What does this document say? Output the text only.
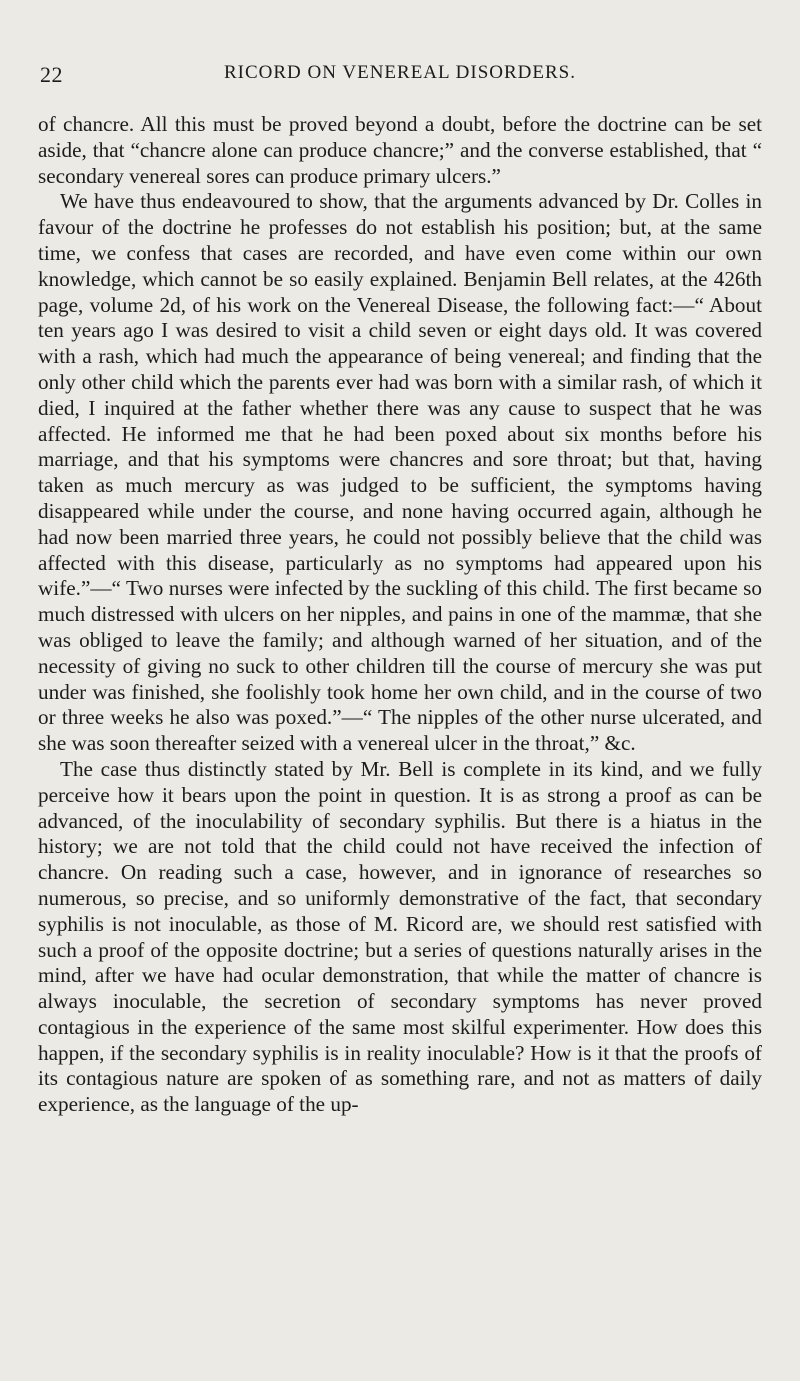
22	RICORD ON VENEREAL DISORDERS.

of chancre. All this must be proved beyond a doubt, before the doctrine can be set aside, that “chancre alone can produce chancre;” and the converse established, that “ secondary venereal sores can produce primary ulcers.”

We have thus endeavoured to show, that the arguments advanced by Dr. Colles in favour of the doctrine he professes do not establish his position; but, at the same time, we confess that cases are recorded, and have even come within our own knowledge, which cannot be so easily explained. Benjamin Bell relates, at the 426th page, volume 2d, of his work on the Venereal Disease, the following fact:—“ About ten years ago I was desired to visit a child seven or eight days old. It was covered with a rash, which had much the appearance of being venereal; and finding that the only other child which the parents ever had was born with a similar rash, of which it died, I inquired at the father whether there was any cause to suspect that he was affected. He informed me that he had been poxed about six months before his marriage, and that his symptoms were chancres and sore throat; but that, having taken as much mercury as was judged to be sufficient, the symptoms having disappeared while under the course, and none having occurred again, although he had now been married three years, he could not possibly believe that the child was affected with this disease, particularly as no symptoms had appeared upon his wife.”—“ Two nurses were infected by the suckling of this child. The first became so much distressed with ulcers on her nipples, and pains in one of the mammæ, that she was obliged to leave the family; and although warned of her situation, and of the necessity of giving no suck to other children till the course of mercury she was put under was finished, she foolishly took home her own child, and in the course of two or three weeks he also was poxed.”—“ The nipples of the other nurse ulcerated, and she was soon thereafter seized with a venereal ulcer in the throat,” &c.

The case thus distinctly stated by Mr. Bell is complete in its kind, and we fully perceive how it bears upon the point in question. It is as strong a proof as can be advanced, of the inoculability of secondary syphilis. But there is a hiatus in the history; we are not told that the child could not have received the infection of chancre. On reading such a case, however, and in ignorance of researches so numerous, so precise, and so uniformly demonstrative of the fact, that secondary syphilis is not inoculable, as those of M. Ricord are, we should rest satisfied with such a proof of the opposite doctrine; but a series of questions naturally arises in the mind, after we have had ocular demonstration, that while the matter of chancre is always inoculable, the secretion of secondary symptoms has never proved contagious in the experience of the same most skilful experimenter. How does this happen, if the secondary syphilis is in reality inoculable? How is it that the proofs of its contagious nature are spoken of as something rare, and not as matters of daily experience, as the language of the up-
